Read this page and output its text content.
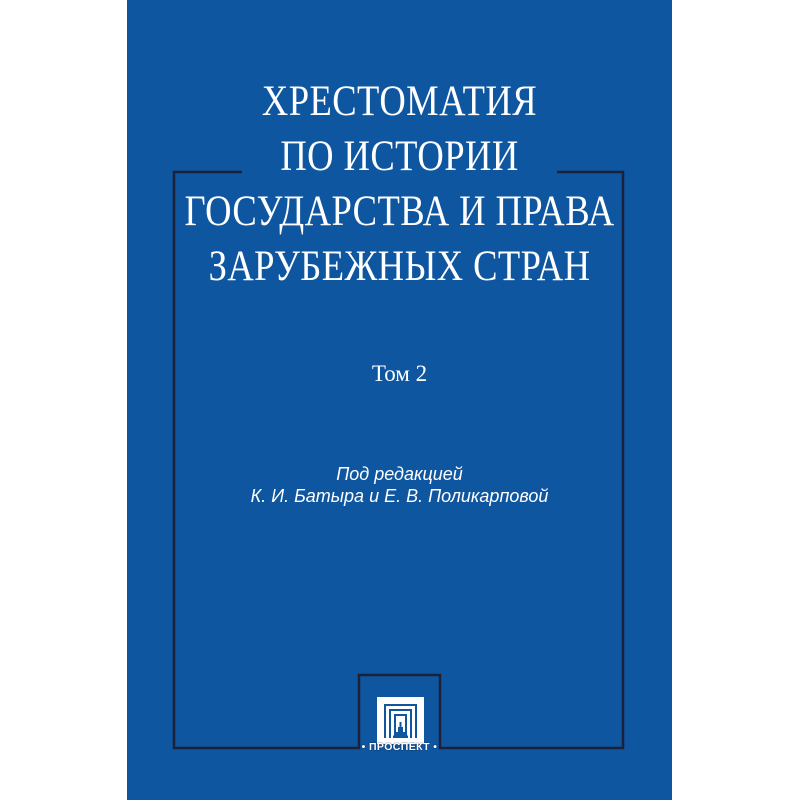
ХРЕСТОМАТИЯ
ПО ИСТОРИИ
ГОСУДАРСТВА И ПРАВА
ЗАРУБЕЖНЫХ СТРАН
Том 2
Под редакцией
К. И. Батыра и Е. В. Поликарповой
• ПРОСПЕКТ •
